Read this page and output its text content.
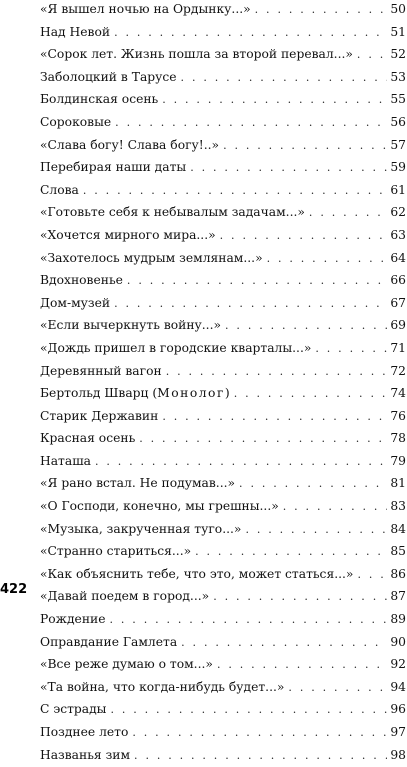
«Я вышел ночью на Ордынку...» . . .	50
Над Невой . . .	51
«Сорок лет. Жизнь пошла за второй перевал...» . . .	52
Заболоцкий в Тарусе . . .	53
Болдинская осень . . .	55
Сороковые . . .	56
«Слава богу! Слава богу!..» . . .	57
Перебирая наши даты . . .	59
Слова . . .	61
«Готовьте себя к небывалым задачам...» . . .	62
«Хочется мирного мира...» . . .	63
«Захотелось мудрым землянам...» . . .	64
Вдохновенье . . .	66
Дом-музей . . .	67
«Если вычеркнуть войну...» . . .	69
«Дождь пришел в городские кварталы...» . . .	71
Деревянный вагон . . .	72
Бертольд Шварц (Монолог) . . .	74
Старик Державин . . .	76
Красная осень . . .	78
Наташа . . .	79
«Я рано встал. Не подумав...» . . .	81
«О Господи, конечно, мы грешны...» . . .	83
«Музыка, закрученная туго...» . . .	84
«Странно стариться...» . . .	85
«Как объяснить тебе, что это, может статься...» . . .	86
«Давай поедем в город...» . . .	87
Рождение . . .	89
Оправдание Гамлета . . .	90
«Все реже думаю о том...» . . .	92
«Та война, что когда-нибудь будет...» . . .	94
С эстрады . . .	96
Позднее лето . . .	97
Названья зим . . .	98
422
